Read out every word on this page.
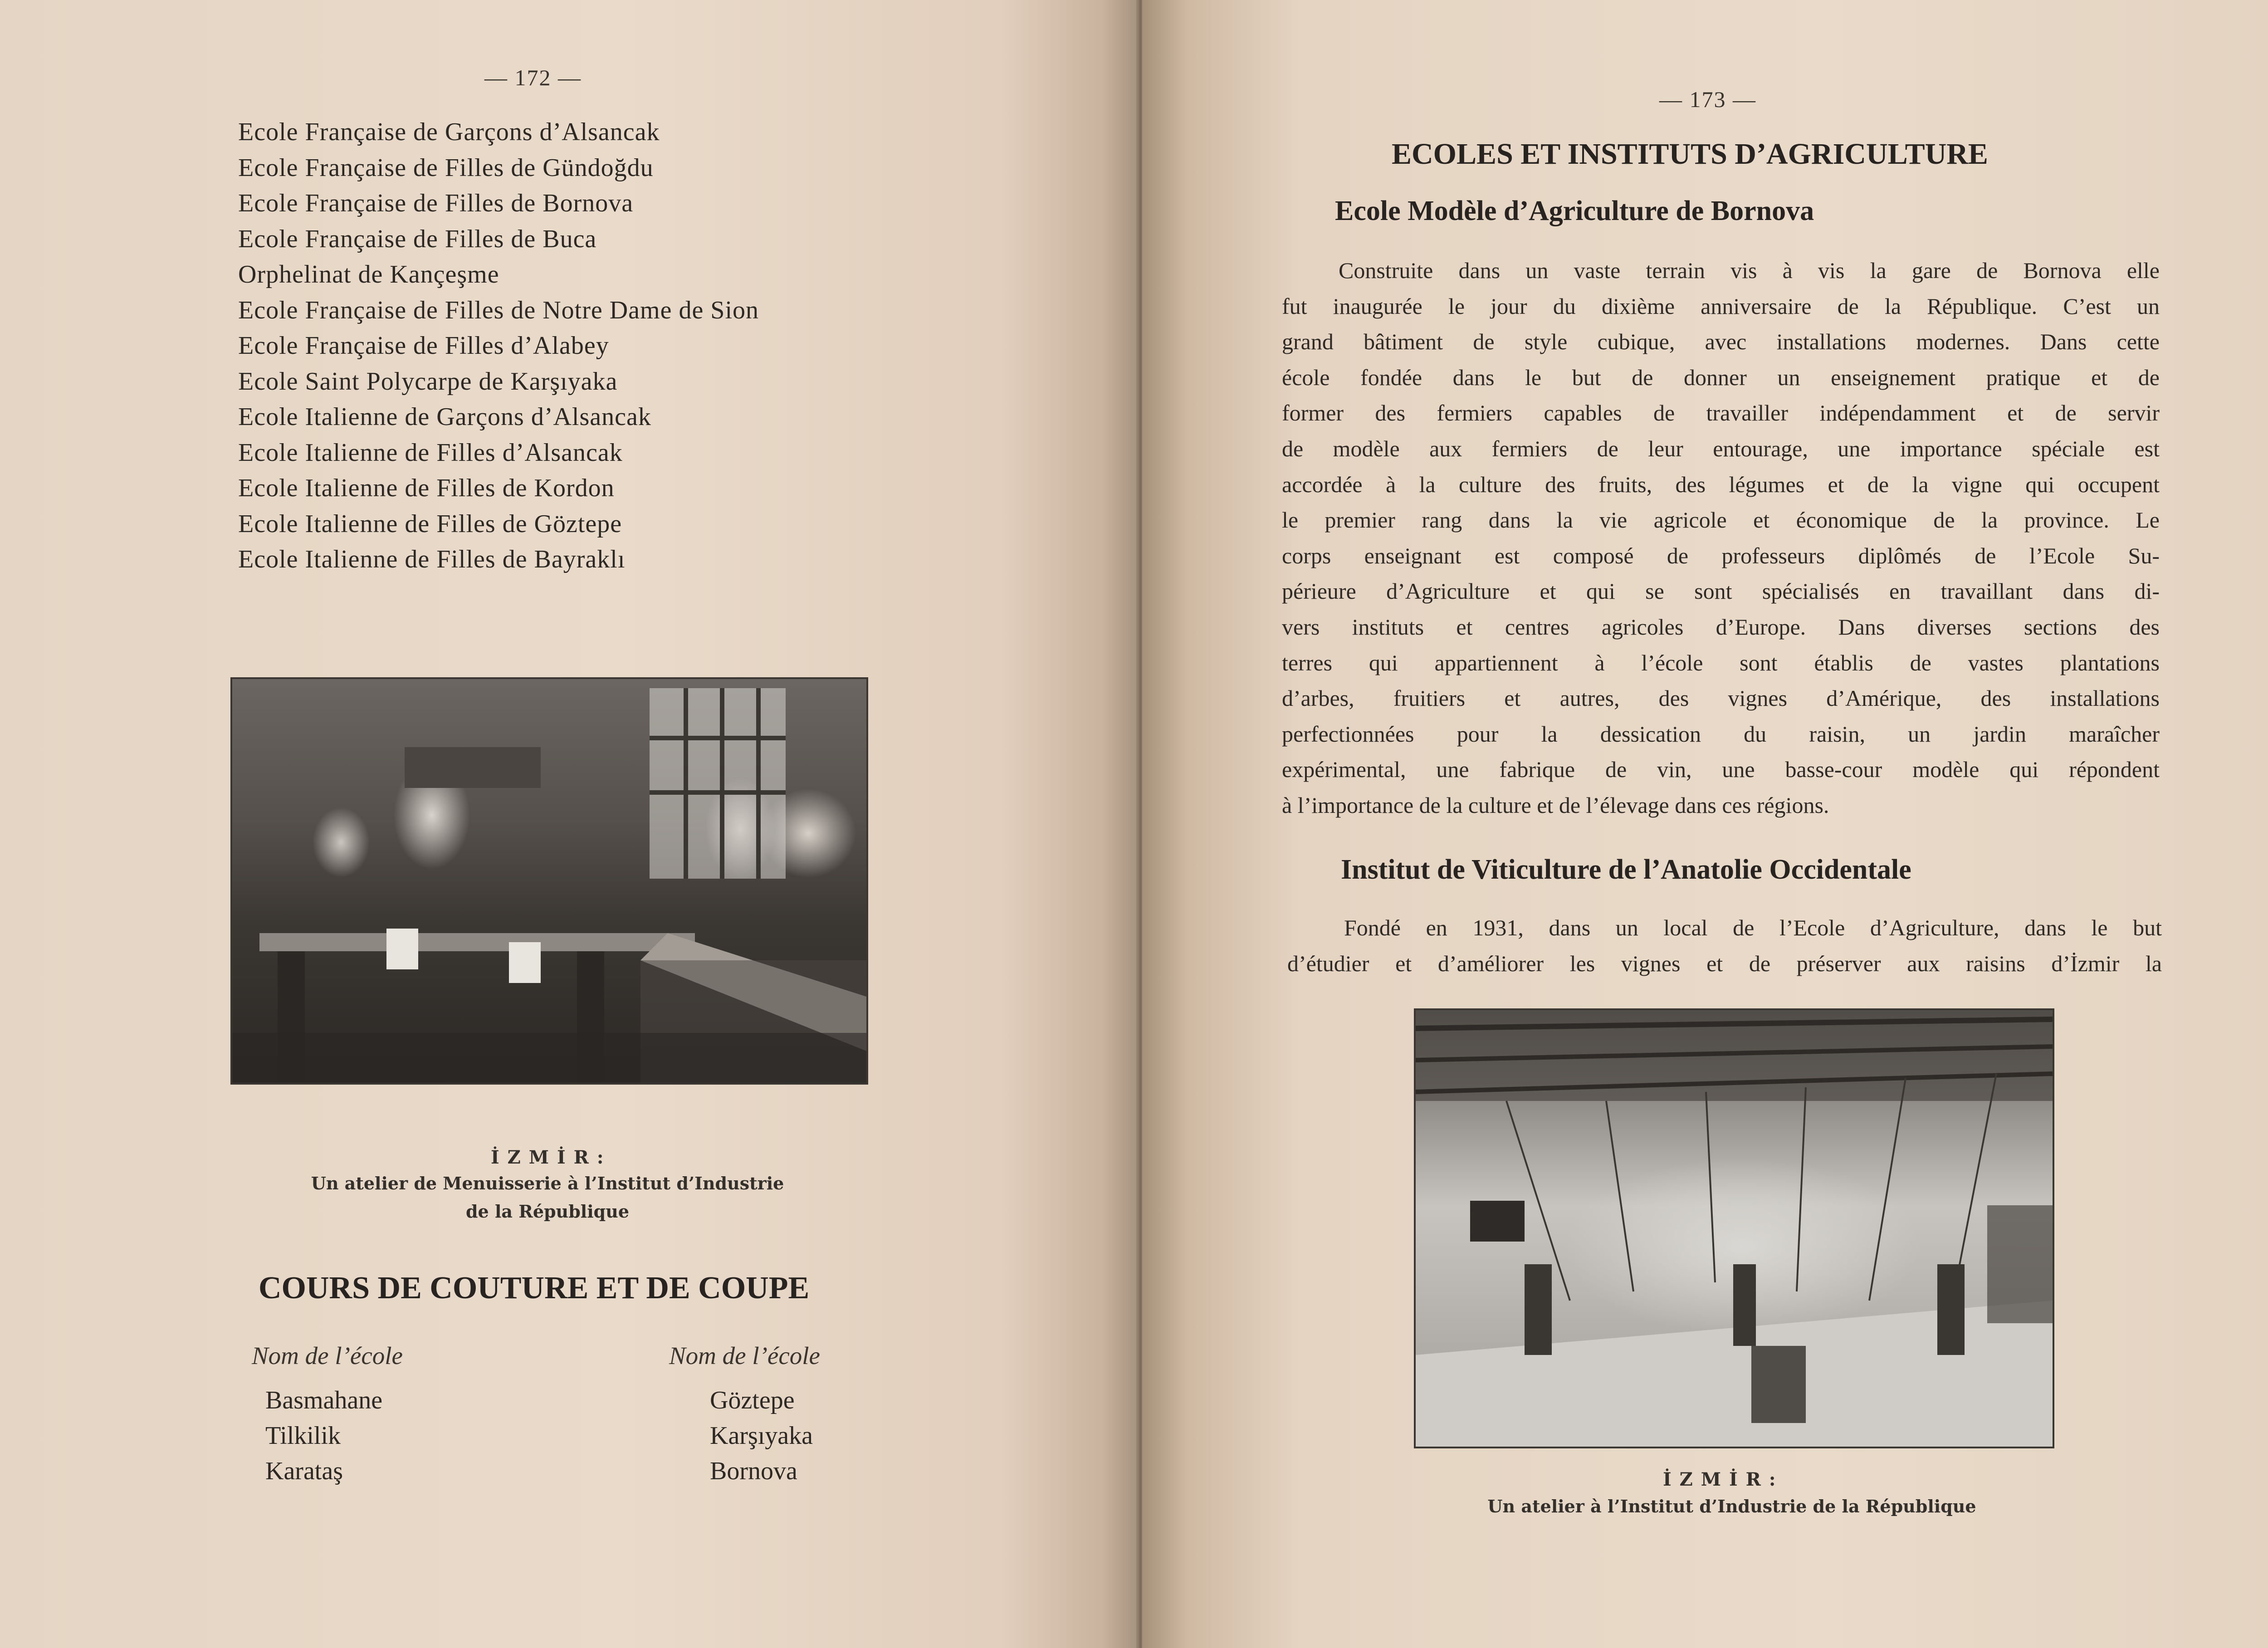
— 172 —
Ecole Française de Garçons d’Alsancak
Ecole Française de Filles de Gündoğdu
Ecole Française de Filles de Bornova
Ecole Française de Filles de Buca
Orphelinat de Kançeşme
Ecole Française de Filles de Notre Dame de Sion
Ecole Française de Filles d’Alabey
Ecole Saint Polycarpe de Karşıyaka
Ecole Italienne de Garçons d’Alsancak
Ecole Italienne de Filles d’Alsancak
Ecole Italienne de Filles de Kordon
Ecole Italienne de Filles de Göztepe
Ecole Italienne de Filles de Bayraklı
İ Z M İ R :
Un atelier de Menuisserie à l’Institut d’Industrie
de la République
COURS DE COUTURE ET DE COUPE
Nom de l’école	Nom de l’école
Basmahane
Tilkilik
Karataş
Göztepe
Karşıyaka
Bornova
— 173 —
ECOLES ET INSTITUTS D’AGRICULTURE
Ecole Modèle d’Agriculture de Bornova
Construite dans un vaste terrain vis à vis la gare de Bornova elle
fut inaugurée le jour du dixième anniversaire de la République. C’est un
grand bâtiment de style cubique, avec installations modernes. Dans cette
école fondée dans le but de donner un enseignement pratique et de
former des fermiers capables de travailler indépendamment et de servir
de modèle aux fermiers de leur entourage, une importance spéciale est
accordée à la culture des fruits, des légumes et de la vigne qui occupent
le premier rang dans la vie agricole et économique de la province. Le
corps enseignant est composé de professeurs diplômés de l’Ecole Su-
périeure d’Agriculture et qui se sont spécialisés en travaillant dans di-
vers instituts et centres agricoles d’Europe. Dans diverses sections des
terres qui appartiennent à l’école sont établis de vastes plantations
d’arbes, fruitiers et autres, des vignes d’Amérique, des installations
perfectionnées pour la dessication du raisin, un jardin maraîcher
expérimental, une fabrique de vin, une basse-cour modèle qui répondent
à l’importance de la culture et de l’élevage dans ces régions.
Institut de Viticulture de l’Anatolie Occidentale
Fondé en 1931, dans un local de l’Ecole d’Agriculture, dans le but
d’étudier et d’améliorer les vignes et de préserver aux raisins d’İzmir la
İ Z M İ R :
Un atelier à l’Institut d’Industrie de la République
